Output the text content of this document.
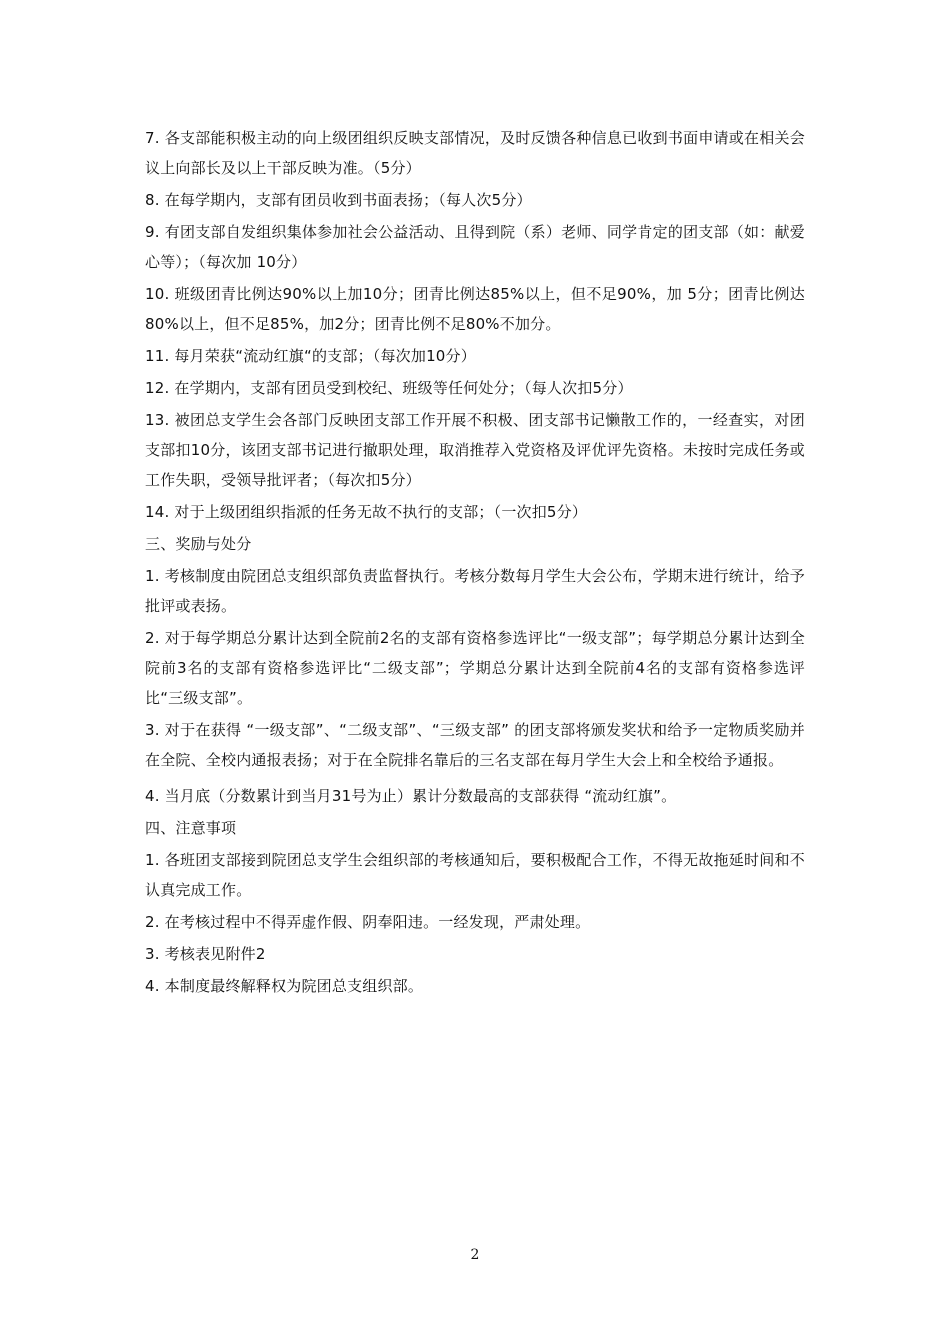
7. 各支部能积极主动的向上级团组织反映支部情况，及时反馈各种信息已收到书面申请或在相关会议上向部长及以上干部反映为准。（5分）

8. 在每学期内，支部有团员收到书面表扬；（每人次5分）

9. 有团支部自发组织集体参加社会公益活动、且得到院（系）老师、同学肯定的团支部（如：献爱心等）；（每次加 10分）

10. 班级团青比例达90%以上加10分；团青比例达85%以上，但不足90%，加 5分；团青比例达80%以上，但不足85%，加2分；团青比例不足80%不加分。

11. 每月荣获“流动红旗“的支部；（每次加10分）

12. 在学期内，支部有团员受到校纪、班级等任何处分；（每人次扣5分）

13. 被团总支学生会各部门反映团支部工作开展不积极、团支部书记懒散工作的，一经查实，对团支部扣10分，该团支部书记进行撤职处理，取消推荐入党资格及评优评先资格。未按时完成任务或工作失职，受领导批评者；（每次扣5分）

14. 对于上级团组织指派的任务无故不执行的支部；（一次扣5分）

三、奖励与处分

1. 考核制度由院团总支组织部负责监督执行。考核分数每月学生大会公布，学期末进行统计，给予批评或表扬。

2. 对于每学期总分累计达到全院前2名的支部有资格参选评比“一级支部”；每学期总分累计达到全院前3名的支部有资格参选评比“二级支部”；学期总分累计达到全院前4名的支部有资格参选评比“三级支部”。

3. 对于在获得 “一级支部”、“二级支部”、“三级支部” 的团支部将颁发奖状和给予一定物质奖励并在全院、全校内通报表扬；对于在全院排名靠后的三名支部在每月学生大会上和全校给予通报。

4. 当月底（分数累计到当月31号为止）累计分数最高的支部获得 “流动红旗”。

四、注意事项

1. 各班团支部接到院团总支学生会组织部的考核通知后，要积极配合工作，不得无故拖延时间和不认真完成工作。

2. 在考核过程中不得弄虚作假、阴奉阳违。一经发现，严肃处理。

3. 考核表见附件2

4. 本制度最终解释权为院团总支组织部。

2
